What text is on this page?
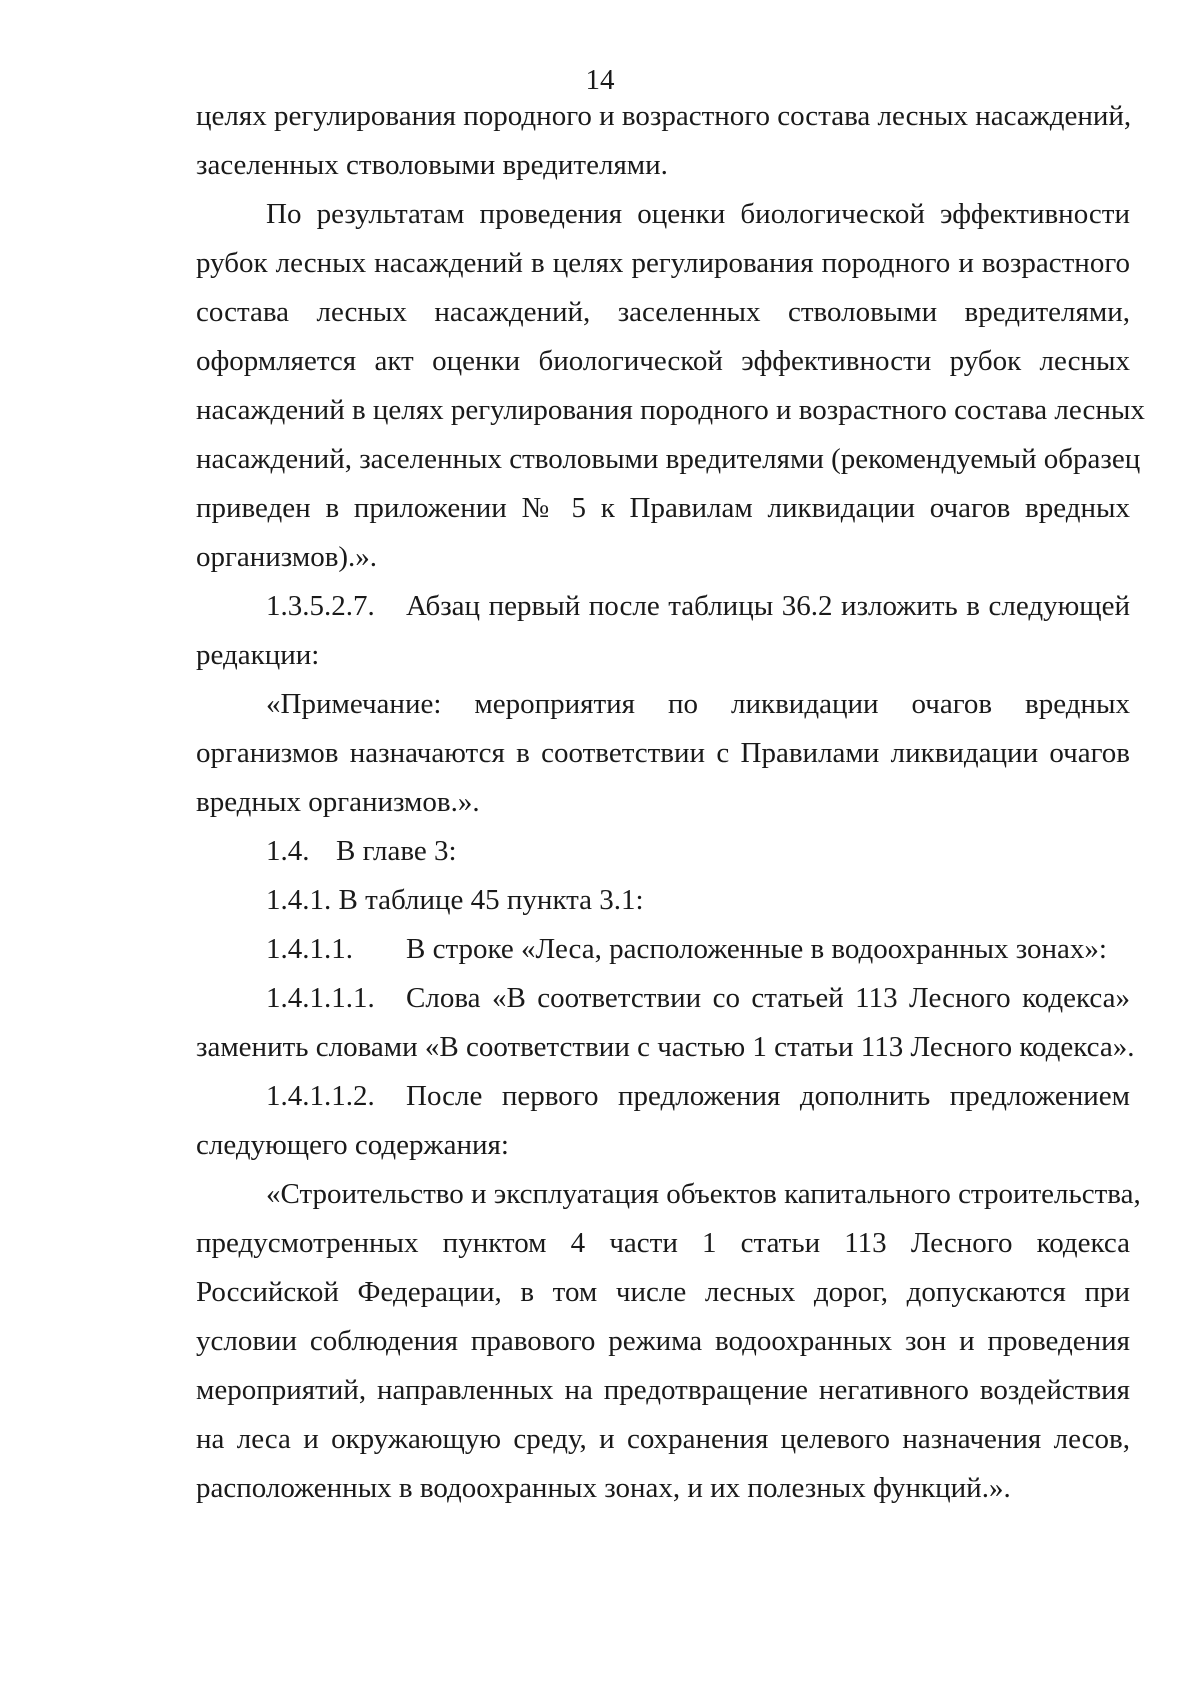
14
целях регулирования породного и возрастного состава лесных насаждений,
заселенных стволовыми вредителями.
По результатам проведения оценки биологической эффективности
рубок лесных насаждений в целях регулирования породного и возрастного
состава лесных насаждений, заселенных стволовыми вредителями,
оформляется акт оценки биологической эффективности рубок лесных
насаждений в целях регулирования породного и возрастного состава лесных
насаждений, заселенных стволовыми вредителями (рекомендуемый образец
приведен в приложении № 5 к Правилам ликвидации очагов вредных
организмов).».
1.3.5.2.7.	Абзац первый после таблицы 36.2 изложить в следующей
редакции:
«Примечание: мероприятия по ликвидации очагов вредных
организмов назначаются в соответствии с Правилами ликвидации очагов
вредных организмов.».
1.4. В главе 3:
1.4.1. В таблице 45 пункта 3.1:
1.4.1.1. В строке «Леса, расположенные в водоохранных зонах»:
1.4.1.1.1.	Слова «В соответствии со статьей 113 Лесного кодекса»
заменить словами «В соответствии с частью 1 статьи 113 Лесного кодекса».
1.4.1.1.2.	После первого предложения дополнить предложением
следующего содержания:
«Строительство и эксплуатация объектов капитального строительства,
предусмотренных пунктом 4 части 1 статьи 113 Лесного кодекса
Российской Федерации, в том числе лесных дорог, допускаются при
условии соблюдения правового режима водоохранных зон и проведения
мероприятий, направленных на предотвращение негативного воздействия
на леса и окружающую среду, и сохранения целевого назначения лесов,
расположенных в водоохранных зонах, и их полезных функций.».
